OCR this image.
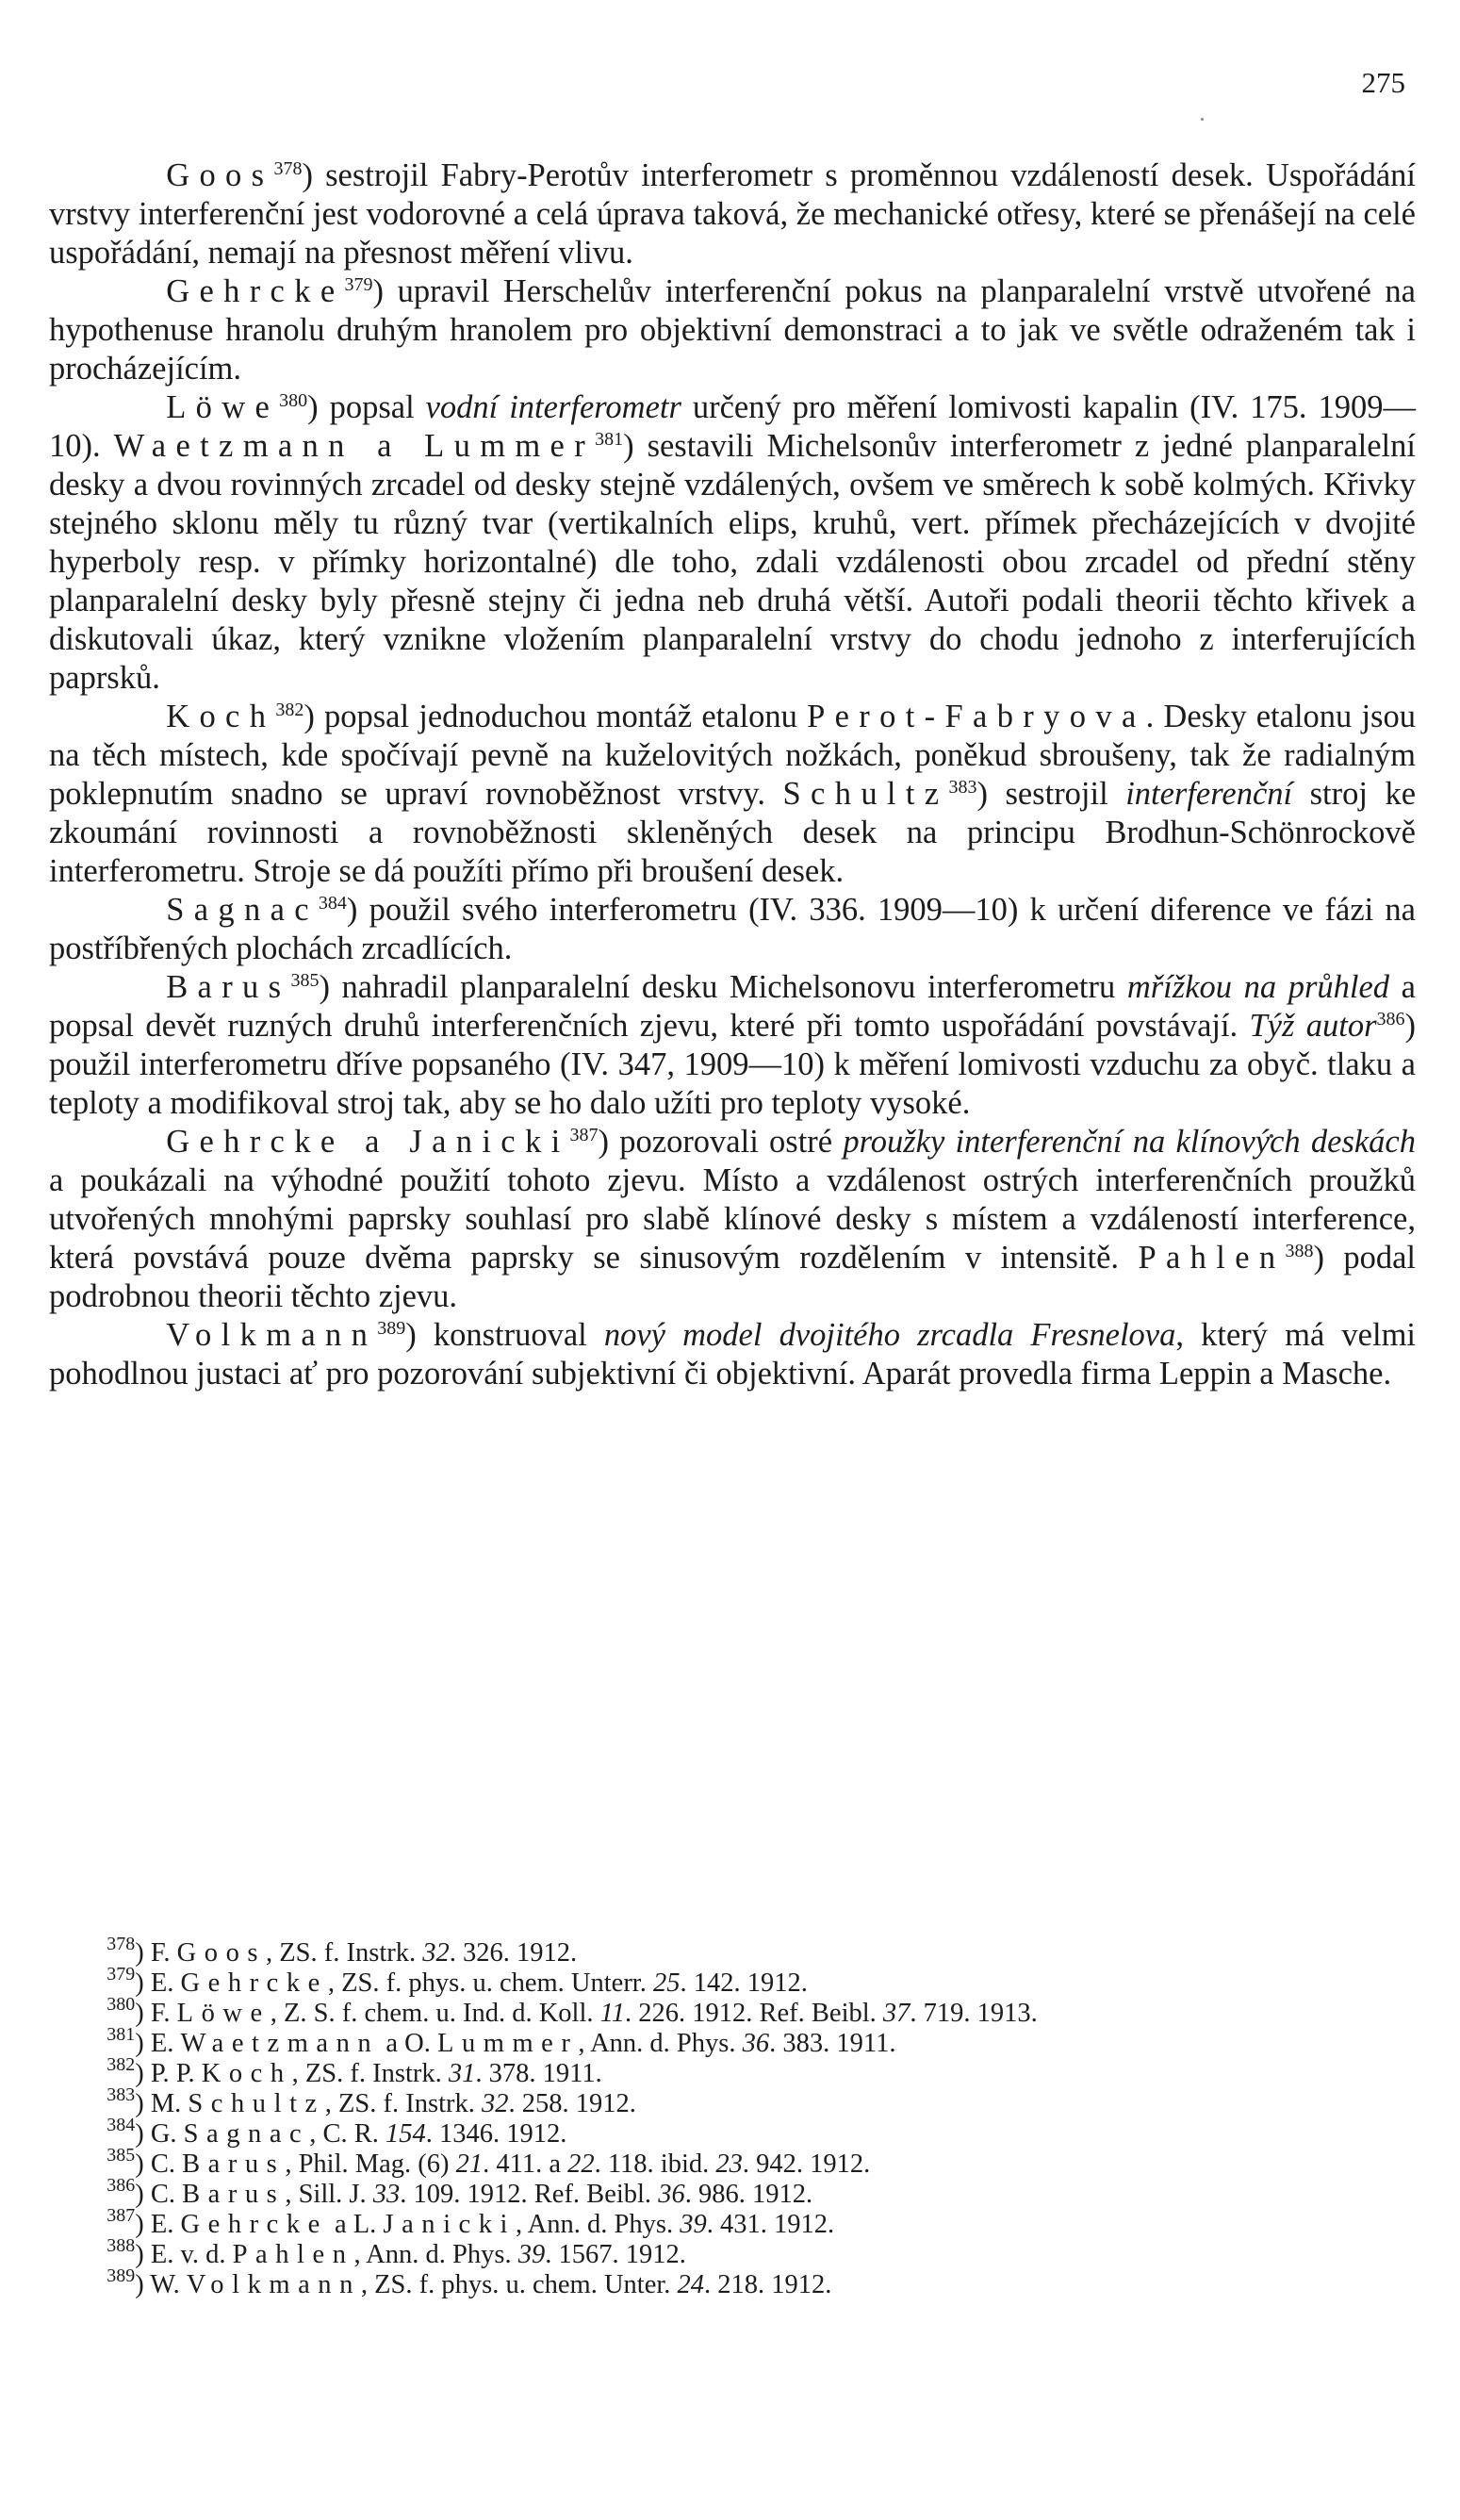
275

Goos$^{378}$) sestrojil Fabry-Perotův interferometr s proměnnou vzdáleností desek. Uspořádání vrstvy interferenční jest vodorovné a celá úprava taková, že mechanické otřesy, které se přenášejí na celé uspořádání, nemají na přesnost měření vlivu.

Gehrcke$^{379}$) upravil Herschelův interferenční pokus na planparalelní vrstvě utvořené na hypothenuse hranolu druhým hranolem pro objektivní demonstraci a to jak ve světle odraženém tak i procházejícím.

Löwe$^{380}$) popsal vodní interferometr určený pro měření lomivosti kapalin (IV. 175. 1909—10). Waetzmann a Lummer$^{381}$) sestavili Michelsonův interferometr z jedné planparalelní desky a dvou rovinných zrcadel od desky stejně vzdálených, ovšem ve směrech k sobě kolmých. Křivky stejného sklonu měly tu různý tvar (vertikalních elips, kruhů, vert. přímek přecházejících v dvojité hyperboly resp. v přímky horizontalné) dle toho, zdali vzdálenosti obou zrcadel od přední stěny planparalelní desky byly přesně stejny či jedna neb druhá větší. Autoři podali theorii těchto křivek a diskutovali úkaz, který vznikne vložením planparalelní vrstvy do chodu jednoho z interferujících paprsků.

Koch$^{382}$) popsal jednoduchou montáž etalonu Perot-Fabryova. Desky etalonu jsou na těch místech, kde spočívají pevně na kuželovitých nožkách, poněkud sbroušeny, tak že radialným poklepnutím snadno se upraví rovnoběžnost vrstvy. Schultz$^{383}$) sestrojil interferenční stroj ke zkoumání rovinnosti a rovnoběžnosti skleněných desek na principu Brodhun-Schönrockově interferometru. Stroje se dá použíti přímo při broušení desek.

Sagnac$^{384}$) použil svého interferometru (IV. 336. 1909—10) k určení diference ve fázi na postříbřených plochách zrcadlících.

Barus$^{385}$) nahradil planparalelní desku Michelsonovu interferometru mřížkou na průhled a popsal devět ruzných druhů interferenčních zjevu, které při tomto uspořádání povstávají. Týž autor$^{386}$) použil interferometru dříve popsaného (IV. 347, 1909—10) k měření lomivosti vzduchu za obyč. tlaku a teploty a modifikoval stroj tak, aby se ho dalo užíti pro teploty vysoké.

Gehrcke a Janicki$^{387}$) pozorovali ostré proužky interferenční na klínových deskách a poukázali na výhodné použití tohoto zjevu. Místo a vzdálenost ostrých interferenčních proužků utvořených mnohými paprsky souhlasí pro slabě klínové desky s místem a vzdáleností interference, která povstává pouze dvěma paprsky se sinusovým rozdělením v intensitě. Pahlen$^{388}$) podal podrobnou theorii těchto zjevu.

Volkmann$^{389}$) konstruoval nový model dvojitého zrcadla Fresnelova, který má velmi pohodlnou justaci ať pro pozorování subjektivní či objektivní. Aparát provedla firma Leppin a Masche.

$^{378}$) F. Goos, ZS. f. Instrk. 32. 326. 1912.
$^{379}$) E. Gehrcke, ZS. f. phys. u. chem. Unterr. 25. 142. 1912.
$^{380}$) F. Löwe, Z. S. f. chem. u. Ind. d. Koll. 11. 226. 1912. Ref. Beibl. 37. 719. 1913.
$^{381}$) E. Waetzmann a O. Lummer, Ann. d. Phys. 36. 383. 1911.
$^{382}$) P. P. Koch, ZS. f. Instrk. 31. 378. 1911.
$^{383}$) M. Schultz, ZS. f. Instrk. 32. 258. 1912.
$^{384}$) G. Sagnac, C. R. 154. 1346. 1912.
$^{385}$) C. Barus, Phil. Mag. (6) 21. 411. a 22. 118. ibid. 23. 942. 1912.
$^{386}$) C. Barus, Sill. J. 33. 109. 1912. Ref. Beibl. 36. 986. 1912.
$^{387}$) E. Gehrcke a L. Janicki, Ann. d. Phys. 39. 431. 1912.
$^{388}$) E. v. d. Pahlen, Ann. d. Phys. 39. 1567. 1912.
$^{389}$) W. Volkmann, ZS. f. phys. u. chem. Unter. 24. 218. 1912.
